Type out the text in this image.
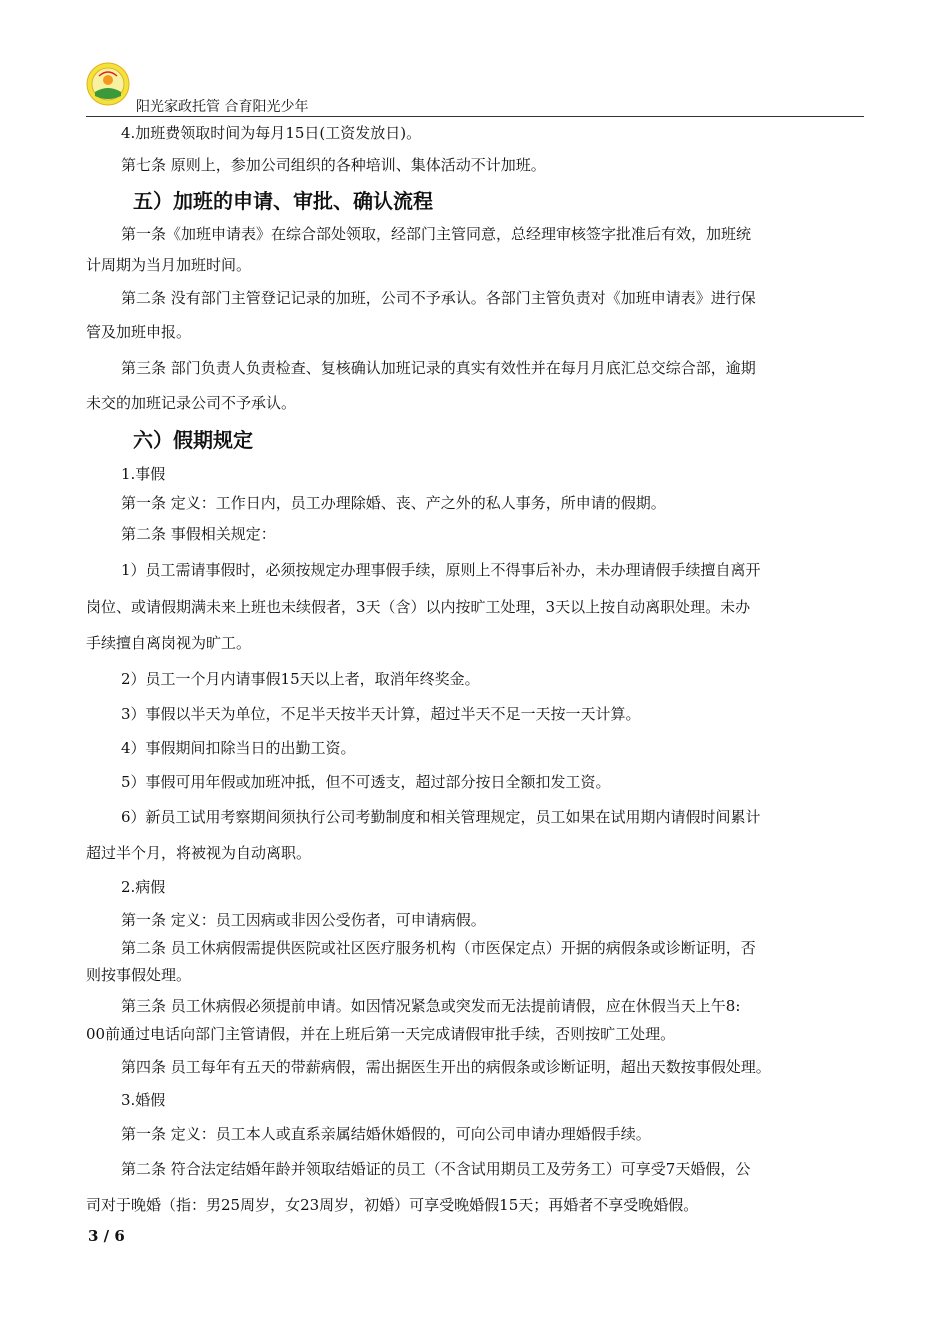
阳光家政托管 合育阳光少年
4.加班费领取时间为每月15日(工资发放日)。
第七条 原则上，参加公司组织的各种培训、集体活动不计加班。
五）加班的申请、审批、确认流程
第一条《加班申请表》在综合部处领取，经部门主管同意，总经理审核签字批准后有效，加班统
计周期为当月加班时间。
第二条 没有部门主管登记记录的加班，公司不予承认。各部门主管负责对《加班申请表》进行保
管及加班申报。
第三条 部门负责人负责检查、复核确认加班记录的真实有效性并在每月月底汇总交综合部，逾期
未交的加班记录公司不予承认。
六）假期规定
1.事假
第一条 定义：工作日内，员工办理除婚、丧、产之外的私人事务，所申请的假期。
第二条 事假相关规定：
1）员工需请事假时，必须按规定办理事假手续，原则上不得事后补办，未办理请假手续擅自离开
岗位、或请假期满未来上班也未续假者，3天（含）以内按旷工处理，3天以上按自动离职处理。未办
手续擅自离岗视为旷工。
2）员工一个月内请事假15天以上者，取消年终奖金。
3）事假以半天为单位，不足半天按半天计算，超过半天不足一天按一天计算。
4）事假期间扣除当日的出勤工资。
5）事假可用年假或加班冲抵，但不可透支，超过部分按日全额扣发工资。
6）新员工试用考察期间须执行公司考勤制度和相关管理规定，员工如果在试用期内请假时间累计
超过半个月，将被视为自动离职。
2.病假
第一条 定义：员工因病或非因公受伤者，可申请病假。
第二条 员工休病假需提供医院或社区医疗服务机构（市医保定点）开据的病假条或诊断证明，否
则按事假处理。
第三条 员工休病假必须提前申请。如因情况紧急或突发而无法提前请假，应在休假当天上午8:
00前通过电话向部门主管请假，并在上班后第一天完成请假审批手续，否则按旷工处理。
第四条 员工每年有五天的带薪病假，需出据医生开出的病假条或诊断证明，超出天数按事假处理。
3.婚假
第一条 定义：员工本人或直系亲属结婚休婚假的，可向公司申请办理婚假手续。
第二条 符合法定结婚年龄并领取结婚证的员工（不含试用期员工及劳务工）可享受7天婚假，公
司对于晚婚（指：男25周岁，女23周岁，初婚）可享受晚婚假15天；再婚者不享受晚婚假。
3 / 6
